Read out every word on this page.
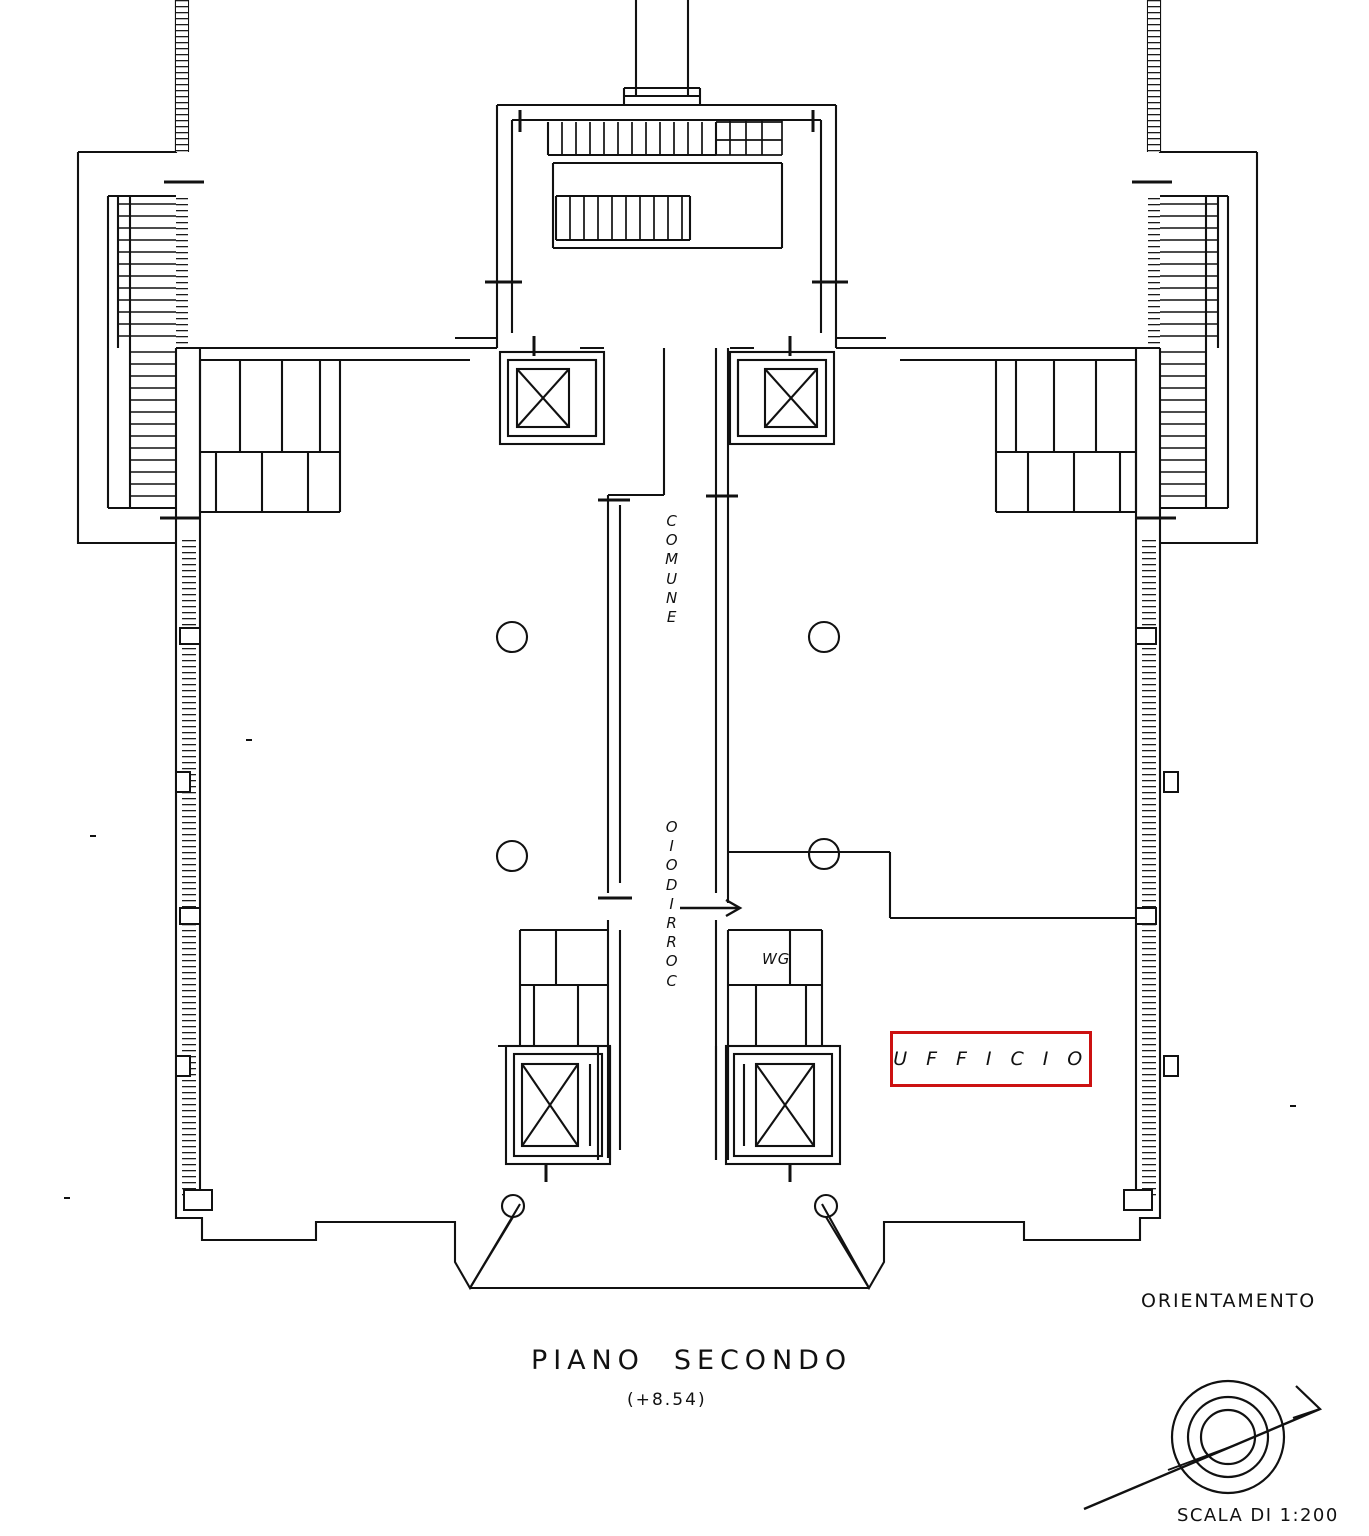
U F F I C I O
WG
C
O
M
U
N
E
O
I
O
D
I
R
R
O
C
PIANO  SECONDO
(+8.54)
ORIENTAMENTO
SCALA DI 1:200
